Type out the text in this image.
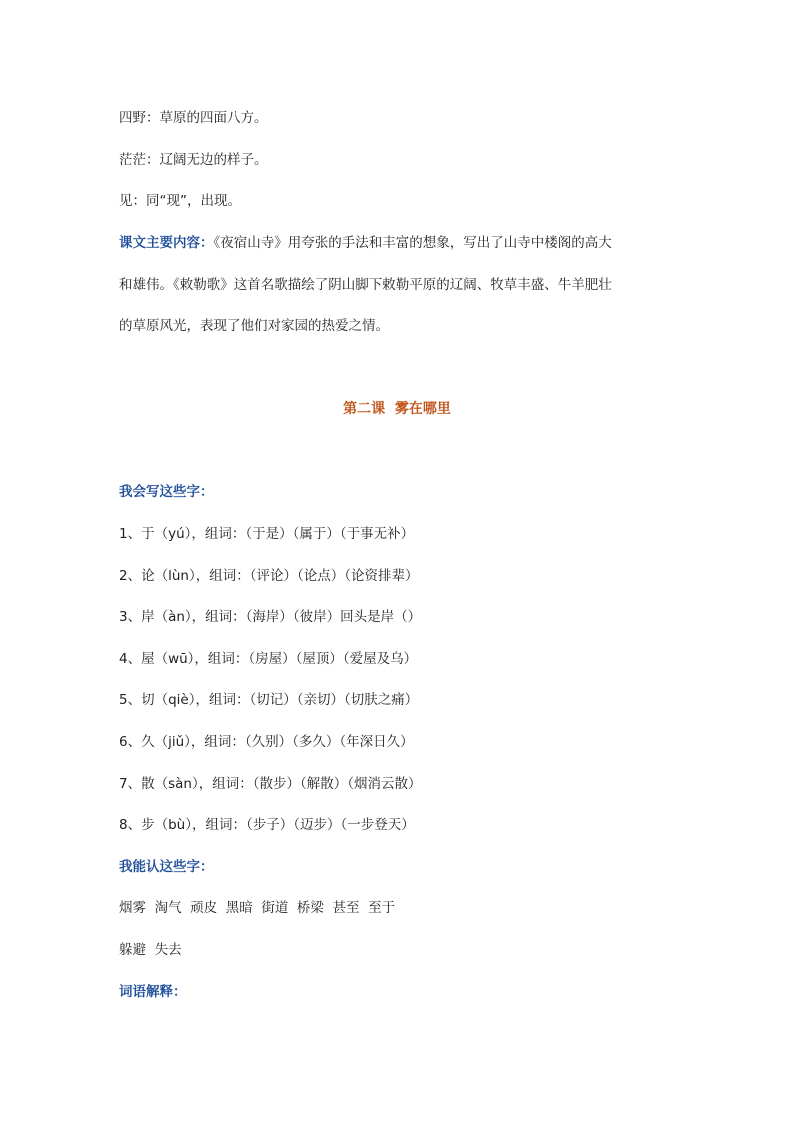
四野：草原的四面八方。
茫茫：辽阔无边的样子。
见：同“现”，出现。
课文主要内容：《夜宿山寺》用夸张的手法和丰富的想象，写出了山寺中楼阁的高大
和雄伟。《敕勒歌》这首名歌描绘了阴山脚下敕勒平原的辽阔、牧草丰盛、牛羊肥壮
的草原风光，表现了他们对家园的热爱之情。
第二课  雾在哪里
我会写这些字：
1、于（yú），组词：（于是）（属于）（于事无补）
2、论（lùn），组词：（评论）（论点）（论资排辈）
3、岸（àn），组词：（海岸）（彼岸）回头是岸（）
4、屋（wū），组词：（房屋）（屋顶）（爱屋及乌）
5、切（qiè），组词：（切记）（亲切）（切肤之痛）
6、久（jiǔ），组词：（久别）（多久）（年深日久）
7、散（sàn），组词：（散步）（解散）（烟消云散）
8、步（bù），组词：（步子）（迈步）（一步登天）
我能认这些字：
烟雾  淘气  顽皮  黑暗  街道  桥梁  甚至  至于
躲避  失去
词语解释：
